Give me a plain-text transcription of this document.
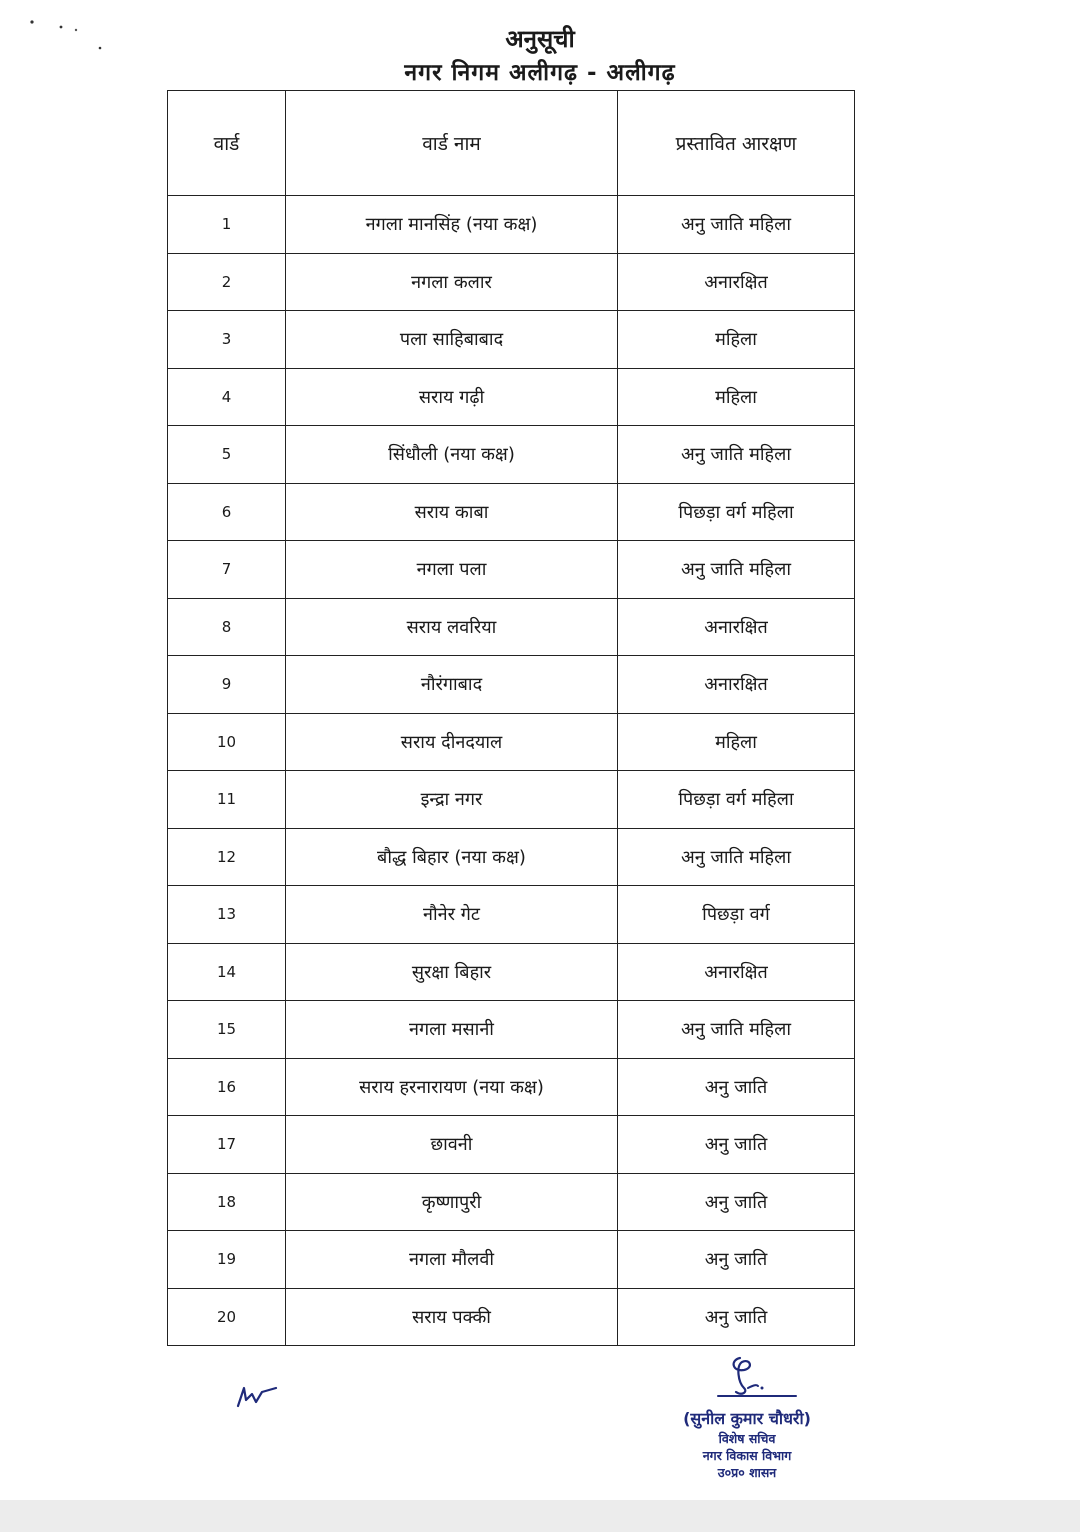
अनुसूची
नगर निगम अलीगढ़ - अलीगढ़
वार्ड	वार्ड नाम	प्रस्तावित आरक्षण
1	नगला मानसिंह (नया कक्ष)	अनु जाति महिला
2	नगला कलार	अनारक्षित
3	पला साहिबाबाद	महिला
4	सराय गढ़ी	महिला
5	सिंधौली (नया कक्ष)	अनु जाति महिला
6	सराय काबा	पिछड़ा वर्ग महिला
7	नगला पला	अनु जाति महिला
8	सराय लवरिया	अनारक्षित
9	नौरंगाबाद	अनारक्षित
10	सराय दीनदयाल	महिला
11	इन्द्रा नगर	पिछड़ा वर्ग महिला
12	बौद्ध बिहार (नया कक्ष)	अनु जाति महिला
13	नौनेर गेट	पिछड़ा वर्ग
14	सुरक्षा बिहार	अनारक्षित
15	नगला मसानी	अनु जाति महिला
16	सराय हरनारायण (नया कक्ष)	अनु जाति
17	छावनी	अनु जाति
18	कृष्णापुरी	अनु जाति
19	नगला मौलवी	अनु जाति
20	सराय पक्की	अनु जाति
(सुनील कुमार चौधरी)
विशेष सचिव
नगर विकास विभाग
उ०प्र० शासन
